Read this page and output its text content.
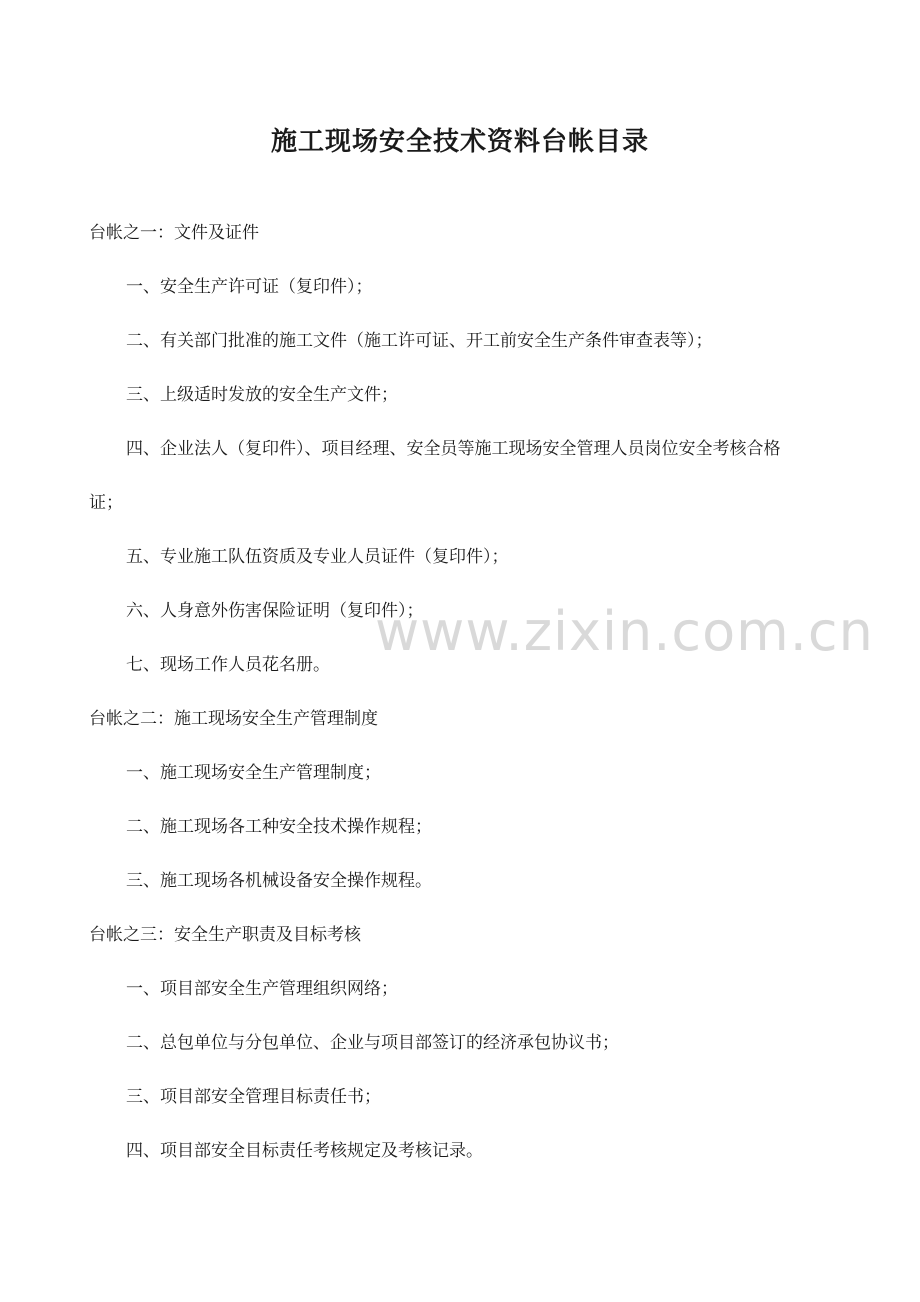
施工现场安全技术资料台帐目录

台帐之一：文件及证件

一、安全生产许可证（复印件）；

二、有关部门批准的施工文件（施工许可证、开工前安全生产条件审查表等）；

三、上级适时发放的安全生产文件；

四、企业法人（复印件）、项目经理、安全员等施工现场安全管理人员岗位安全考核合格

证；

五、专业施工队伍资质及专业人员证件（复印件）；

六、人身意外伤害保险证明（复印件）；

七、现场工作人员花名册。

台帐之二：施工现场安全生产管理制度

一、施工现场安全生产管理制度；

二、施工现场各工种安全技术操作规程；

三、施工现场各机械设备安全操作规程。

台帐之三：安全生产职责及目标考核

一、项目部安全生产管理组织网络；

二、总包单位与分包单位、企业与项目部签订的经济承包协议书；

三、项目部安全管理目标责任书；

四、项目部安全目标责任考核规定及考核记录。

www.zixin.com.cn
